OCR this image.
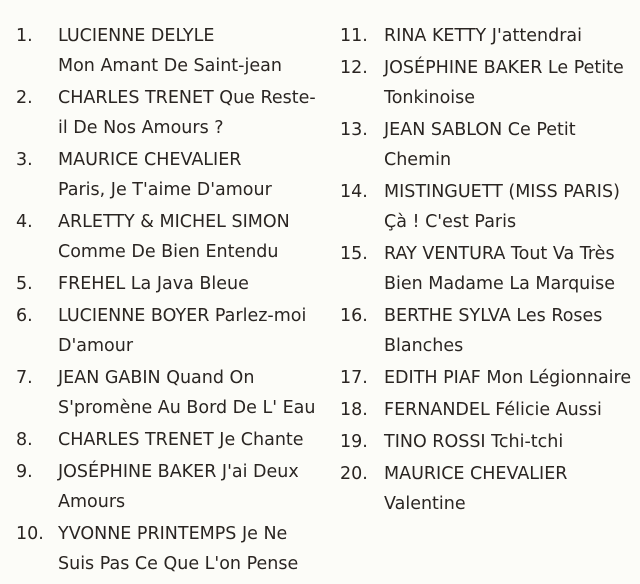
1. LUCIENNE DELYLE
Mon Amant De Saint-jean
2. CHARLES TRENET Que Reste-
il De Nos Amours ?
3. MAURICE CHEVALIER
Paris, Je T'aime D'amour
4. ARLETTY & MICHEL SIMON
Comme De Bien Entendu
5. FREHEL La Java Bleue
6. LUCIENNE BOYER Parlez-moi
D'amour
7. JEAN GABIN Quand On
S'promène Au Bord De L' Eau
8. CHARLES TRENET Je Chante
9. JOSÉPHINE BAKER J'ai Deux
Amours
10. YVONNE PRINTEMPS Je Ne
Suis Pas Ce Que L'on Pense
11. RINA KETTY J'attendrai
12. JOSÉPHINE BAKER Le Petite
Tonkinoise
13. JEAN SABLON Ce Petit
Chemin
14. MISTINGUETT (MISS PARIS)
Çà ! C'est Paris
15. RAY VENTURA Tout Va Très
Bien Madame La Marquise
16. BERTHE SYLVA Les Roses
Blanches
17. EDITH PIAF Mon Légionnaire
18. FERNANDEL Félicie Aussi
19. TINO ROSSI Tchi-tchi
20. MAURICE CHEVALIER
Valentine
